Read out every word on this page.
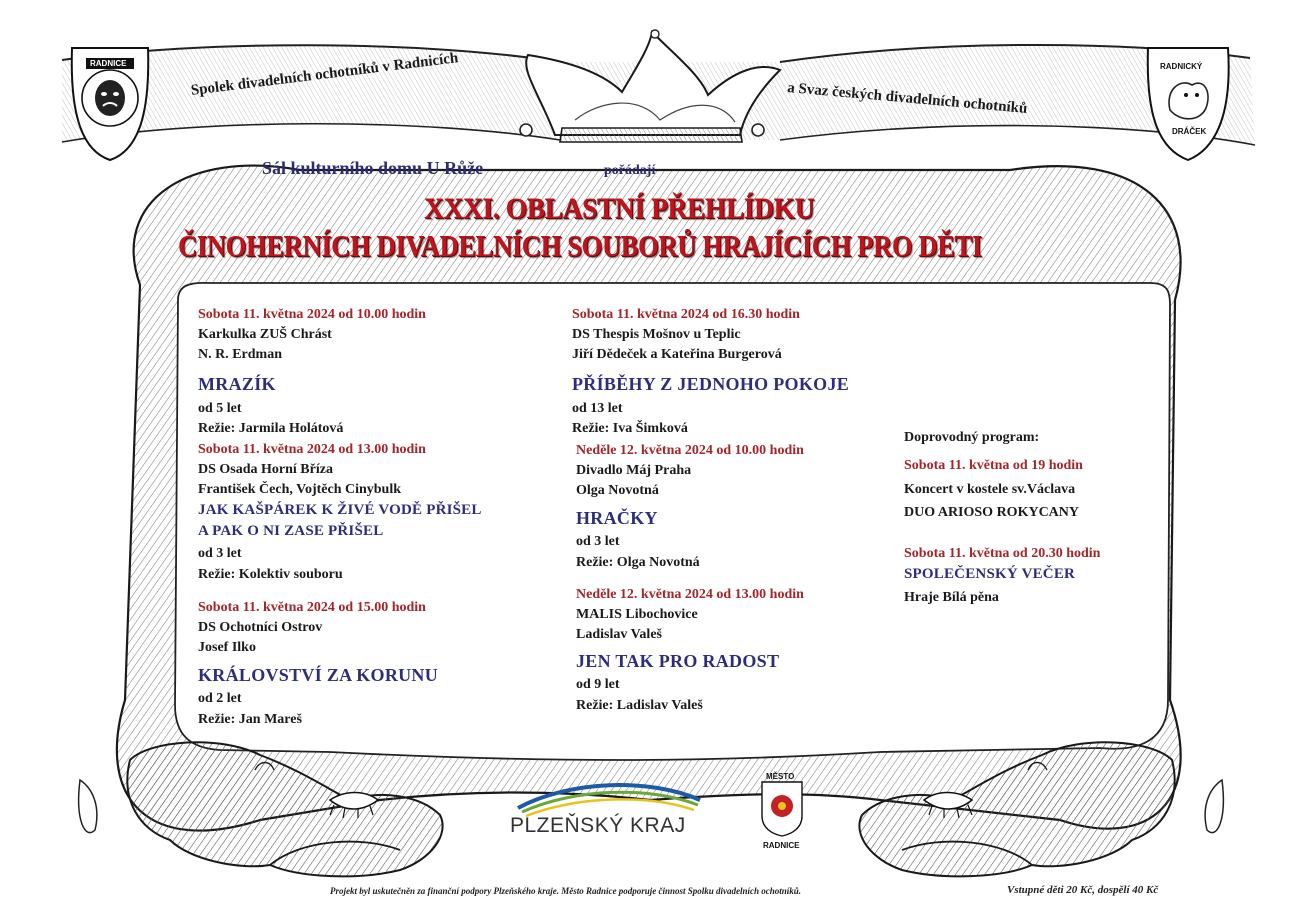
Spolek divadelních ochotníků v Radnicích	a Svaz českých divadelních ochotníků
RADNICE	RADNICKÝ
DRÁČEK
Sál kulturního domu U Růže	pořádají
XXXI. OBLASTNÍ PŘEHLÍDKU
ČINOHERNÍCH DIVADELNÍCH SOUBORŮ HRAJÍCÍCH PRO DĚTI
Sobota 11. května 2024 od 10.00 hodin
Karkulka ZUŠ Chrást
N. R. Erdman
MRAZÍK
od 5 let
Režie: Jarmila Holátová
Sobota 11. května 2024 od 13.00 hodin
DS Osada Horní Bříza
František Čech, Vojtěch Cinybulk
JAK KAŠPÁREK K ŽIVÉ VODĚ PŘIŠEL
A PAK O NI ZASE PŘIŠEL
od 3 let
Režie: Kolektiv souboru
Sobota 11. května 2024 od 15.00 hodin
DS Ochotníci Ostrov
Josef Ilko
KRÁLOVSTVÍ ZA KORUNU
od 2 let
Režie: Jan Mareš
Sobota 11. května 2024 od 16.30 hodin
DS Thespis Mošnov u Teplic
Jiří Dědeček a Kateřina Burgerová
PŘÍBĚHY Z JEDNOHO POKOJE
od 13 let
Režie: Iva Šimková
Neděle 12. května 2024 od 10.00 hodin
Divadlo Máj Praha
Olga Novotná
HRAČKY
od 3 let
Režie: Olga Novotná
Neděle 12. května 2024 od 13.00 hodin
MALIS Libochovice
Ladislav Valeš
JEN TAK PRO RADOST
od 9 let
Režie: Ladislav Valeš
Doprovodný program:
Sobota 11. května od 19 hodin
Koncert v kostele sv.Václava
DUO ARIOSO ROKYCANY
Sobota 11. května od 20.30 hodin
SPOLEČENSKÝ VEČER
Hraje Bílá pěna
PLZEŇSKÝ KRAJ
MĚSTO
RADNICE
Projekt byl uskutečněn za finanční podpory Plzeňského kraje. Město Radnice podporuje činnost Spolku divadelních ochotníků.	Vstupné děti 20 Kč, dospělí 40 Kč
